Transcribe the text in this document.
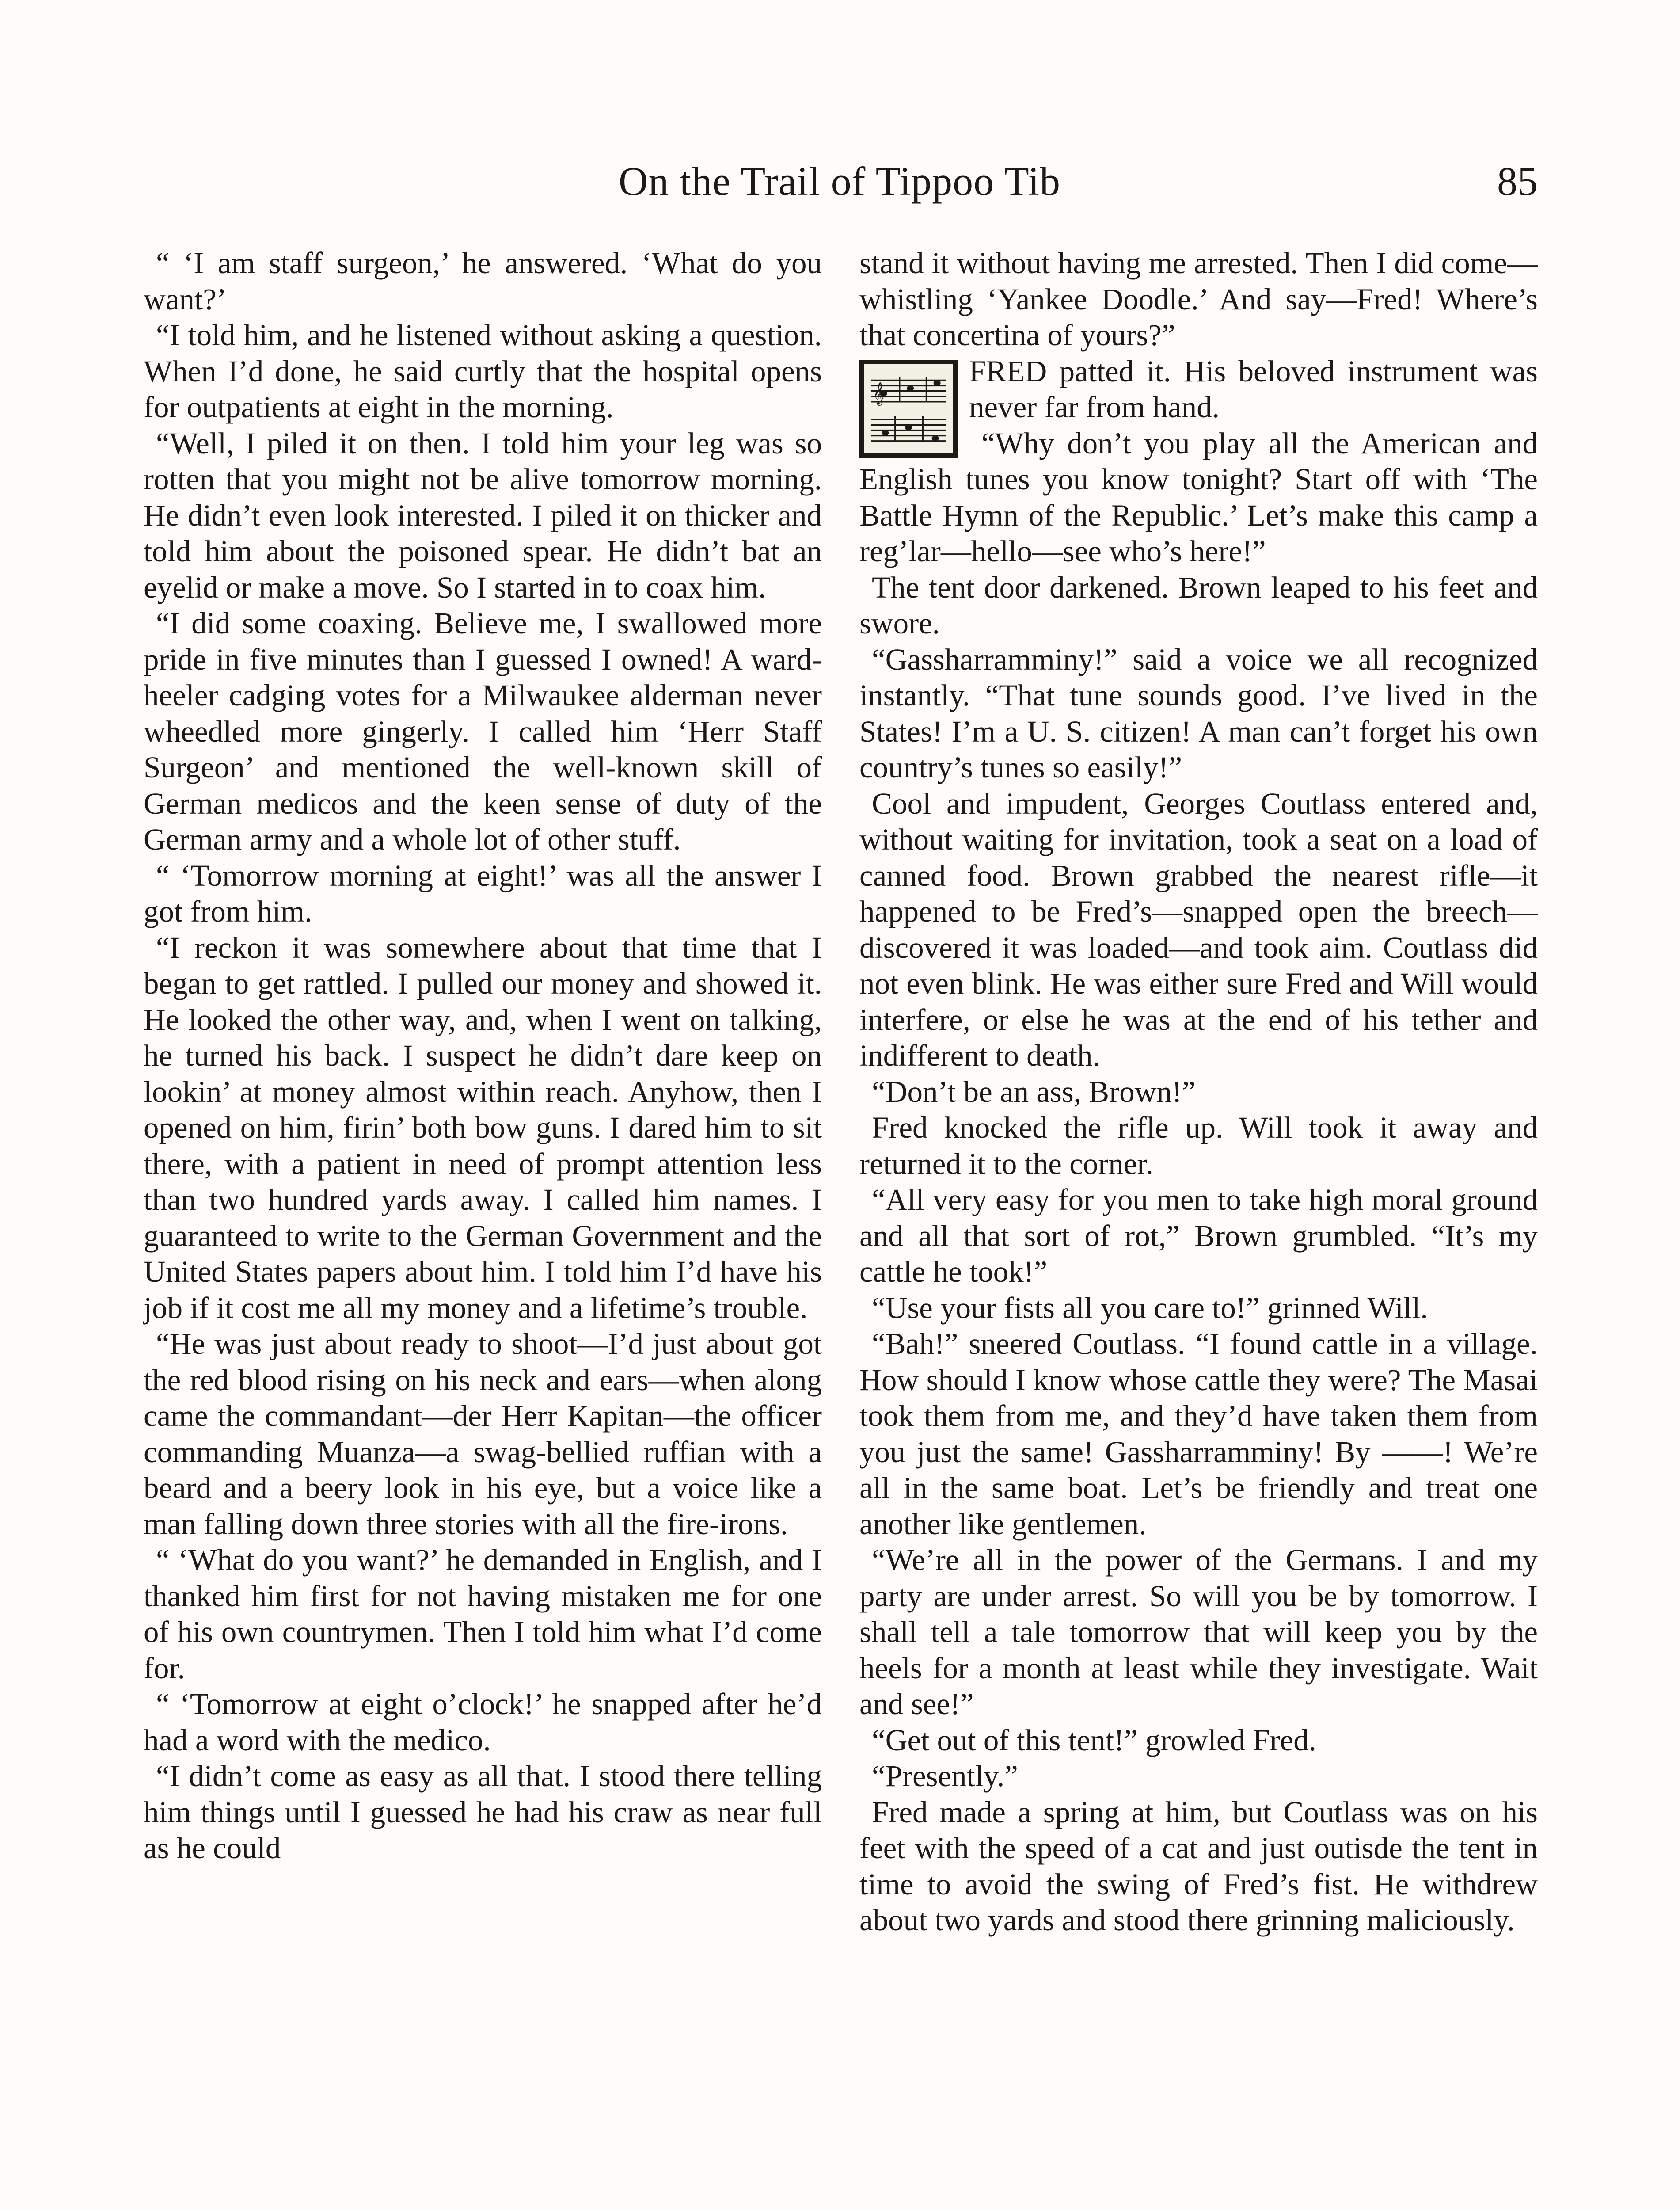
On the Trail of Tippoo Tib	85

“ ‘I am staff surgeon,’ he answered. ‘What do you want?’

“I told him, and he listened without asking a question. When I’d done, he said curtly that the hospital opens for outpatients at eight in the morning.

“Well, I piled it on then. I told him your leg was so rotten that you might not be alive tomorrow morning. He didn’t even look interested. I piled it on thicker and told him about the poisoned spear. He didn’t bat an eyelid or make a move. So I started in to coax him.

“I did some coaxing. Believe me, I swallowed more pride in five minutes than I guessed I owned! A ward-heeler cadging votes for a Milwaukee alderman never wheedled more gingerly. I called him ‘Herr Staff Surgeon’ and mentioned the well-known skill of German medicos and the keen sense of duty of the German army and a whole lot of other stuff.

“ ‘Tomorrow morning at eight!’ was all the answer I got from him.

“I reckon it was somewhere about that time that I began to get rattled. I pulled our money and showed it. He looked the other way, and, when I went on talking, he turned his back. I suspect he didn’t dare keep on lookin’ at money almost within reach. Anyhow, then I opened on him, firin’ both bow guns. I dared him to sit there, with a patient in need of prompt attention less than two hundred yards away. I called him names. I guaranteed to write to the German Government and the United States papers about him. I told him I’d have his job if it cost me all my money and a lifetime’s trouble.

“He was just about ready to shoot—I’d just about got the red blood rising on his neck and ears—when along came the commandant—der Herr Kapitan—the officer commanding Muanza—a swag-bellied ruffian with a beard and a beery look in his eye, but a voice like a man falling down three stories with all the fire-irons.

“ ‘What do you want?’ he demanded in English, and I thanked him first for not having mistaken me for one of his own countrymen. Then I told him what I’d come for.

“ ‘Tomorrow at eight o’clock!’ he snapped after he’d had a word with the medico.

“I didn’t come as easy as all that. I stood there telling him things until I guessed he had his craw as near full as he could

stand it without having me arrested. Then I did come—whistling ‘Yankee Doodle.’ And say—Fred! Where’s that concertina of yours?”

𝄞

FRED patted it. His beloved instrument was never far from hand.

“Why don’t you play all the American and English tunes you know tonight? Start off with ‘The Battle Hymn of the Republic.’ Let’s make this camp a reg’lar—hello—see who’s here!”

The tent door darkened. Brown leaped to his feet and swore.

“Gassharramminy!” said a voice we all recognized instantly. “That tune sounds good. I’ve lived in the States! I’m a U. S. citizen! A man can’t forget his own country’s tunes so easily!”

Cool and impudent, Georges Coutlass entered and, without waiting for invitation, took a seat on a load of canned food. Brown grabbed the nearest rifle—it happened to be Fred’s—snapped open the breech—discovered it was loaded—and took aim. Coutlass did not even blink. He was either sure Fred and Will would interfere, or else he was at the end of his tether and indifferent to death.

“Don’t be an ass, Brown!”

Fred knocked the rifle up. Will took it away and returned it to the corner.

“All very easy for you men to take high moral ground and all that sort of rot,” Brown grumbled. “It’s my cattle he took!”

“Use your fists all you care to!” grinned Will.

“Bah!” sneered Coutlass. “I found cattle in a village. How should I know whose cattle they were? The Masai took them from me, and they’d have taken them from you just the same! Gassharramminy! By ——! We’re all in the same boat. Let’s be friendly and treat one another like gentlemen.

“We’re all in the power of the Germans. I and my party are under arrest. So will you be by tomorrow. I shall tell a tale tomorrow that will keep you by the heels for a month at least while they investigate. Wait and see!”

“Get out of this tent!” growled Fred.

“Presently.”

Fred made a spring at him, but Coutlass was on his feet with the speed of a cat and just outisde the tent in time to avoid the swing of Fred’s fist. He withdrew about two yards and stood there grinning maliciously.
